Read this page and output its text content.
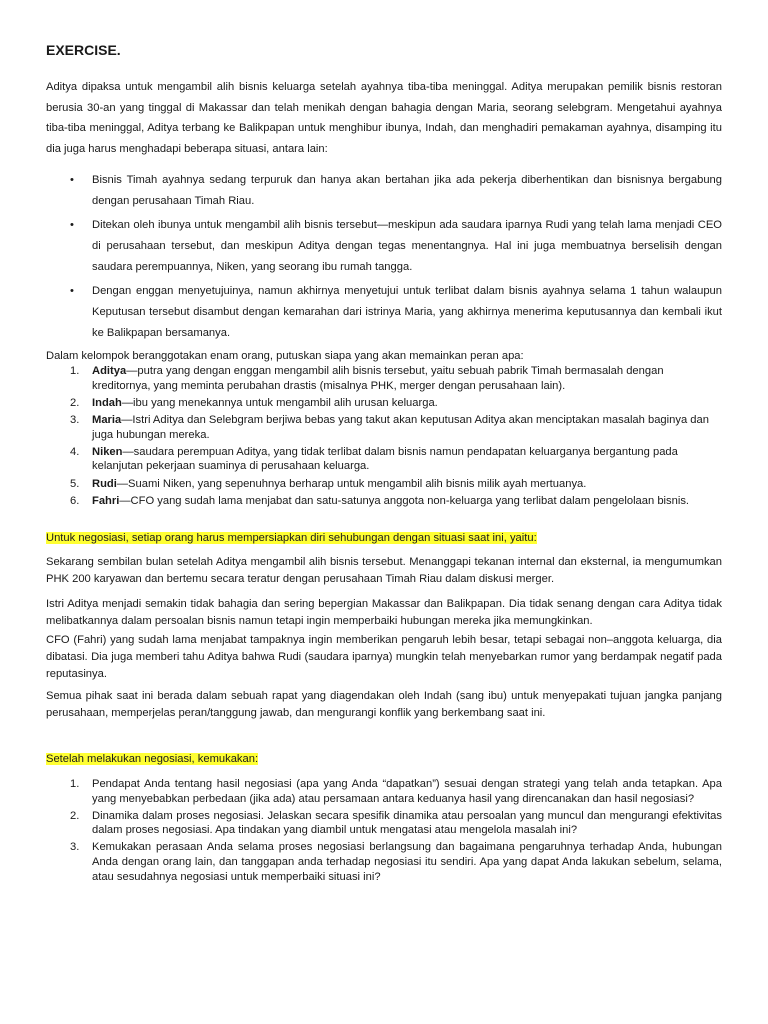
EXERCISE.

Aditya dipaksa untuk mengambil alih bisnis keluarga setelah ayahnya tiba-tiba meninggal. Aditya merupakan pemilik bisnis restoran berusia 30-an yang tinggal di Makassar dan telah menikah dengan bahagia dengan Maria, seorang selebgram. Mengetahui ayahnya tiba-tiba meninggal, Aditya terbang ke Balikpapan untuk menghibur ibunya, Indah, dan menghadiri pemakaman ayahnya, disamping itu dia juga harus menghadapi beberapa situasi, antara lain:

• Bisnis Timah ayahnya sedang terpuruk dan hanya akan bertahan jika ada pekerja diberhentikan dan bisnisnya bergabung dengan perusahaan Timah Riau.
• Ditekan oleh ibunya untuk mengambil alih bisnis tersebut—meskipun ada saudara iparnya Rudi yang telah lama menjadi CEO di perusahaan tersebut, dan meskipun Aditya dengan tegas menentangnya. Hal ini juga membuatnya berselisih dengan saudara perempuannya, Niken, yang seorang ibu rumah tangga.
• Dengan enggan menyetujuinya, namun akhirnya menyetujui untuk terlibat dalam bisnis ayahnya selama 1 tahun walaupun Keputusan tersebut disambut dengan kemarahan dari istrinya Maria, yang akhirnya menerima keputusannya dan kembali ikut ke Balikpapan bersamanya.

Dalam kelompok beranggotakan enam orang, putuskan siapa yang akan memainkan peran apa:

1. Aditya—putra yang dengan enggan mengambil alih bisnis tersebut, yaitu sebuah pabrik Timah bermasalah dengan kreditornya, yang meminta perubahan drastis (misalnya PHK, merger dengan perusahaan lain).
2. Indah—ibu yang menekannya untuk mengambil alih urusan keluarga.
3. Maria—Istri Aditya dan Selebgram berjiwa bebas yang takut akan keputusan Aditya akan menciptakan masalah baginya dan juga hubungan mereka.
4. Niken—saudara perempuan Aditya, yang tidak terlibat dalam bisnis namun pendapatan keluarganya bergantung pada kelanjutan pekerjaan suaminya di perusahaan keluarga.
5. Rudi—Suami Niken, yang sepenuhnya berharap untuk mengambil alih bisnis milik ayah mertuanya.
6. Fahri—CFO yang sudah lama menjabat dan satu-satunya anggota non-keluarga yang terlibat dalam pengelolaan bisnis.

Untuk negosiasi, setiap orang harus mempersiapkan diri sehubungan dengan situasi saat ini, yaitu:

Sekarang sembilan bulan setelah Aditya mengambil alih bisnis tersebut. Menanggapi tekanan internal dan eksternal, ia mengumumkan PHK 200 karyawan dan bertemu secara teratur dengan perusahaan Timah Riau dalam diskusi merger.

Istri Aditya menjadi semakin tidak bahagia dan sering bepergian Makassar dan Balikpapan. Dia tidak senang dengan cara Aditya tidak melibatkannya dalam persoalan bisnis namun tetapi ingin memperbaiki hubungan mereka jika memungkinkan.

CFO (Fahri) yang sudah lama menjabat tampaknya ingin memberikan pengaruh lebih besar, tetapi sebagai non–anggota keluarga, dia dibatasi. Dia juga memberi tahu Aditya bahwa Rudi (saudara iparnya) mungkin telah menyebarkan rumor yang berdampak negatif pada reputasinya.

Semua pihak saat ini berada dalam sebuah rapat yang diagendakan oleh Indah (sang ibu) untuk menyepakati tujuan jangka panjang perusahaan, memperjelas peran/tanggung jawab, dan mengurangi konflik yang berkembang saat ini.

Setelah melakukan negosiasi, kemukakan:

1. Pendapat Anda tentang hasil negosiasi (apa yang Anda “dapatkan”) sesuai dengan strategi yang telah anda tetapkan. Apa yang menyebabkan perbedaan (jika ada) atau persamaan antara keduanya hasil yang direncanakan dan hasil negosiasi?
2. Dinamika dalam proses negosiasi. Jelaskan secara spesifik dinamika atau persoalan yang muncul dan mengurangi efektivitas dalam proses negosiasi. Apa tindakan yang diambil untuk mengatasi atau mengelola masalah ini?
3. Kemukakan perasaan Anda selama proses negosiasi berlangsung dan bagaimana pengaruhnya terhadap Anda, hubungan Anda dengan orang lain, dan tanggapan anda terhadap negosiasi itu sendiri. Apa yang dapat Anda lakukan sebelum, selama, atau sesudahnya negosiasi untuk memperbaiki situasi ini?
